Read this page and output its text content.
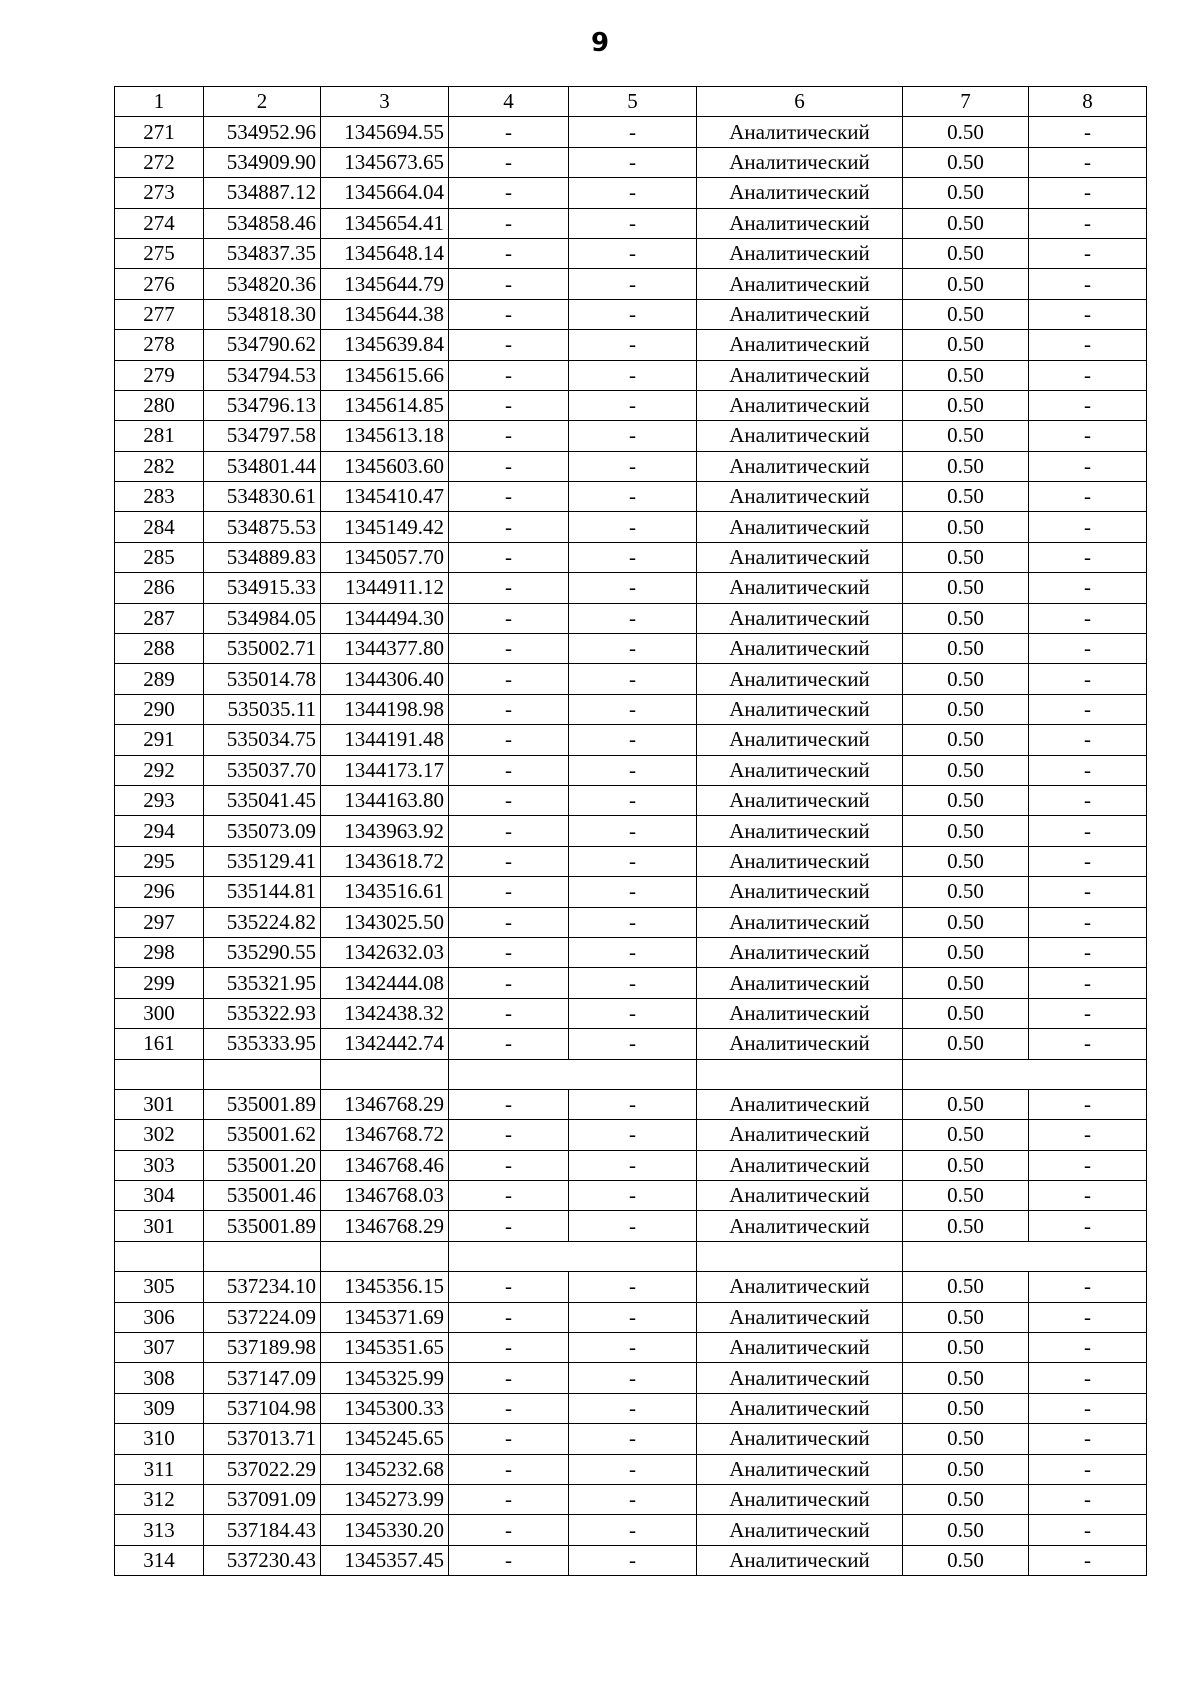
9
1	2	3	4	5	6	7	8
271	534952.96	1345694.55	-	-	Аналитический	0.50	-
272	534909.90	1345673.65	-	-	Аналитический	0.50	-
273	534887.12	1345664.04	-	-	Аналитический	0.50	-
274	534858.46	1345654.41	-	-	Аналитический	0.50	-
275	534837.35	1345648.14	-	-	Аналитический	0.50	-
276	534820.36	1345644.79	-	-	Аналитический	0.50	-
277	534818.30	1345644.38	-	-	Аналитический	0.50	-
278	534790.62	1345639.84	-	-	Аналитический	0.50	-
279	534794.53	1345615.66	-	-	Аналитический	0.50	-
280	534796.13	1345614.85	-	-	Аналитический	0.50	-
281	534797.58	1345613.18	-	-	Аналитический	0.50	-
282	534801.44	1345603.60	-	-	Аналитический	0.50	-
283	534830.61	1345410.47	-	-	Аналитический	0.50	-
284	534875.53	1345149.42	-	-	Аналитический	0.50	-
285	534889.83	1345057.70	-	-	Аналитический	0.50	-
286	534915.33	1344911.12	-	-	Аналитический	0.50	-
287	534984.05	1344494.30	-	-	Аналитический	0.50	-
288	535002.71	1344377.80	-	-	Аналитический	0.50	-
289	535014.78	1344306.40	-	-	Аналитический	0.50	-
290	535035.11	1344198.98	-	-	Аналитический	0.50	-
291	535034.75	1344191.48	-	-	Аналитический	0.50	-
292	535037.70	1344173.17	-	-	Аналитический	0.50	-
293	535041.45	1344163.80	-	-	Аналитический	0.50	-
294	535073.09	1343963.92	-	-	Аналитический	0.50	-
295	535129.41	1343618.72	-	-	Аналитический	0.50	-
296	535144.81	1343516.61	-	-	Аналитический	0.50	-
297	535224.82	1343025.50	-	-	Аналитический	0.50	-
298	535290.55	1342632.03	-	-	Аналитический	0.50	-
299	535321.95	1342444.08	-	-	Аналитический	0.50	-
300	535322.93	1342438.32	-	-	Аналитический	0.50	-
161	535333.95	1342442.74	-	-	Аналитический	0.50	-

301	535001.89	1346768.29	-	-	Аналитический	0.50	-
302	535001.62	1346768.72	-	-	Аналитический	0.50	-
303	535001.20	1346768.46	-	-	Аналитический	0.50	-
304	535001.46	1346768.03	-	-	Аналитический	0.50	-
301	535001.89	1346768.29	-	-	Аналитический	0.50	-

305	537234.10	1345356.15	-	-	Аналитический	0.50	-
306	537224.09	1345371.69	-	-	Аналитический	0.50	-
307	537189.98	1345351.65	-	-	Аналитический	0.50	-
308	537147.09	1345325.99	-	-	Аналитический	0.50	-
309	537104.98	1345300.33	-	-	Аналитический	0.50	-
310	537013.71	1345245.65	-	-	Аналитический	0.50	-
311	537022.29	1345232.68	-	-	Аналитический	0.50	-
312	537091.09	1345273.99	-	-	Аналитический	0.50	-
313	537184.43	1345330.20	-	-	Аналитический	0.50	-
314	537230.43	1345357.45	-	-	Аналитический	0.50	-
